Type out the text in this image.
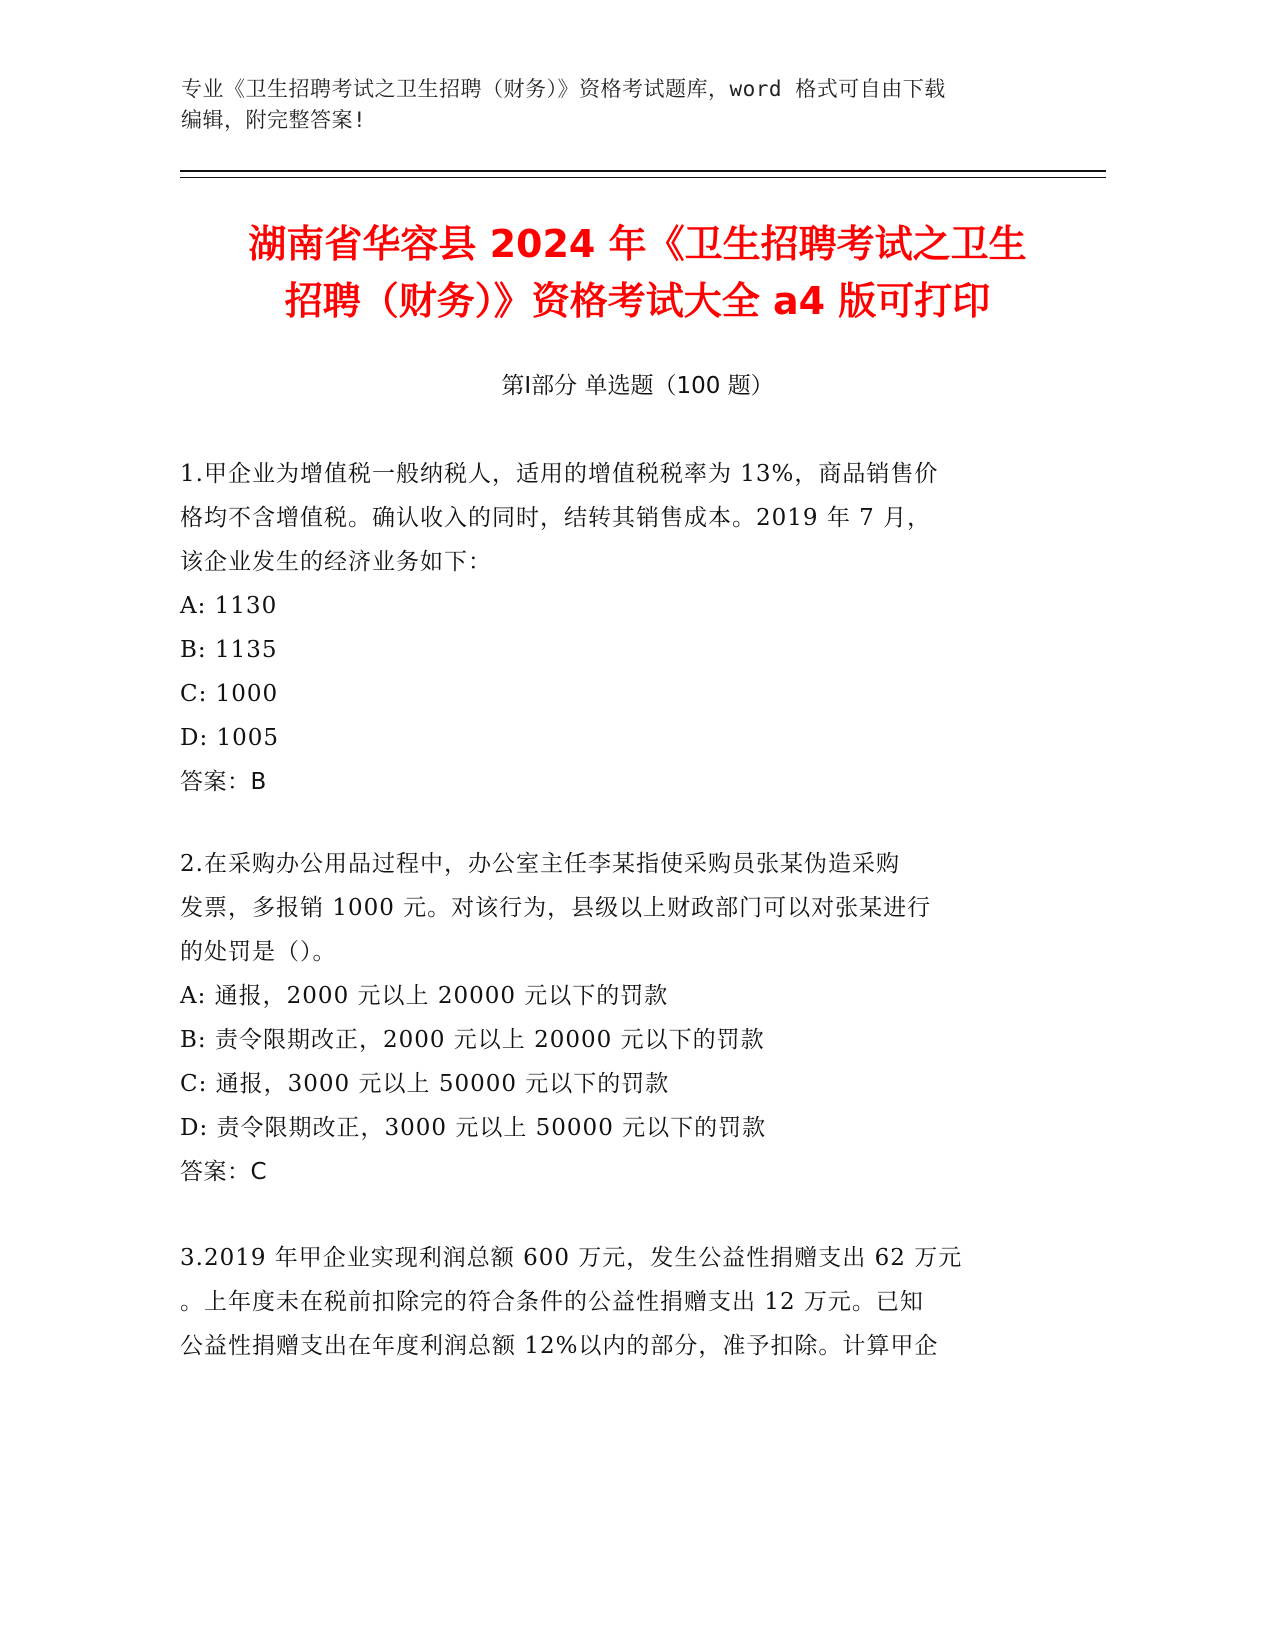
专业《卫生招聘考试之卫生招聘（财务）》资格考试题库，word 格式可自由下载
编辑，附完整答案!
湖南省华容县 2024 年《卫生招聘考试之卫生
招聘（财务）》资格考试大全 a4 版可打印
第Ⅰ部分 单选题（100 题）
1.甲企业为增值税一般纳税人，适用的增值税税率为 13%，商品销售价
格均不含增值税。确认收入的同时，结转其销售成本。2019 年 7 月，
该企业发生的经济业务如下：
A: 1130
B: 1135
C: 1000
D: 1005
答案：B
2.在采购办公用品过程中，办公室主任李某指使采购员张某伪造采购
发票，多报销 1000 元。对该行为，县级以上财政部门可以对张某进行
的处罚是（）。
A: 通报，2000 元以上 20000 元以下的罚款
B: 责令限期改正，2000 元以上 20000 元以下的罚款
C: 通报，3000 元以上 50000 元以下的罚款
D: 责令限期改正，3000 元以上 50000 元以下的罚款
答案：C
3.2019 年甲企业实现利润总额 600 万元，发生公益性捐赠支出 62 万元
。上年度未在税前扣除完的符合条件的公益性捐赠支出 12 万元。已知
公益性捐赠支出在年度利润总额 12%以内的部分，准予扣除。计算甲企
